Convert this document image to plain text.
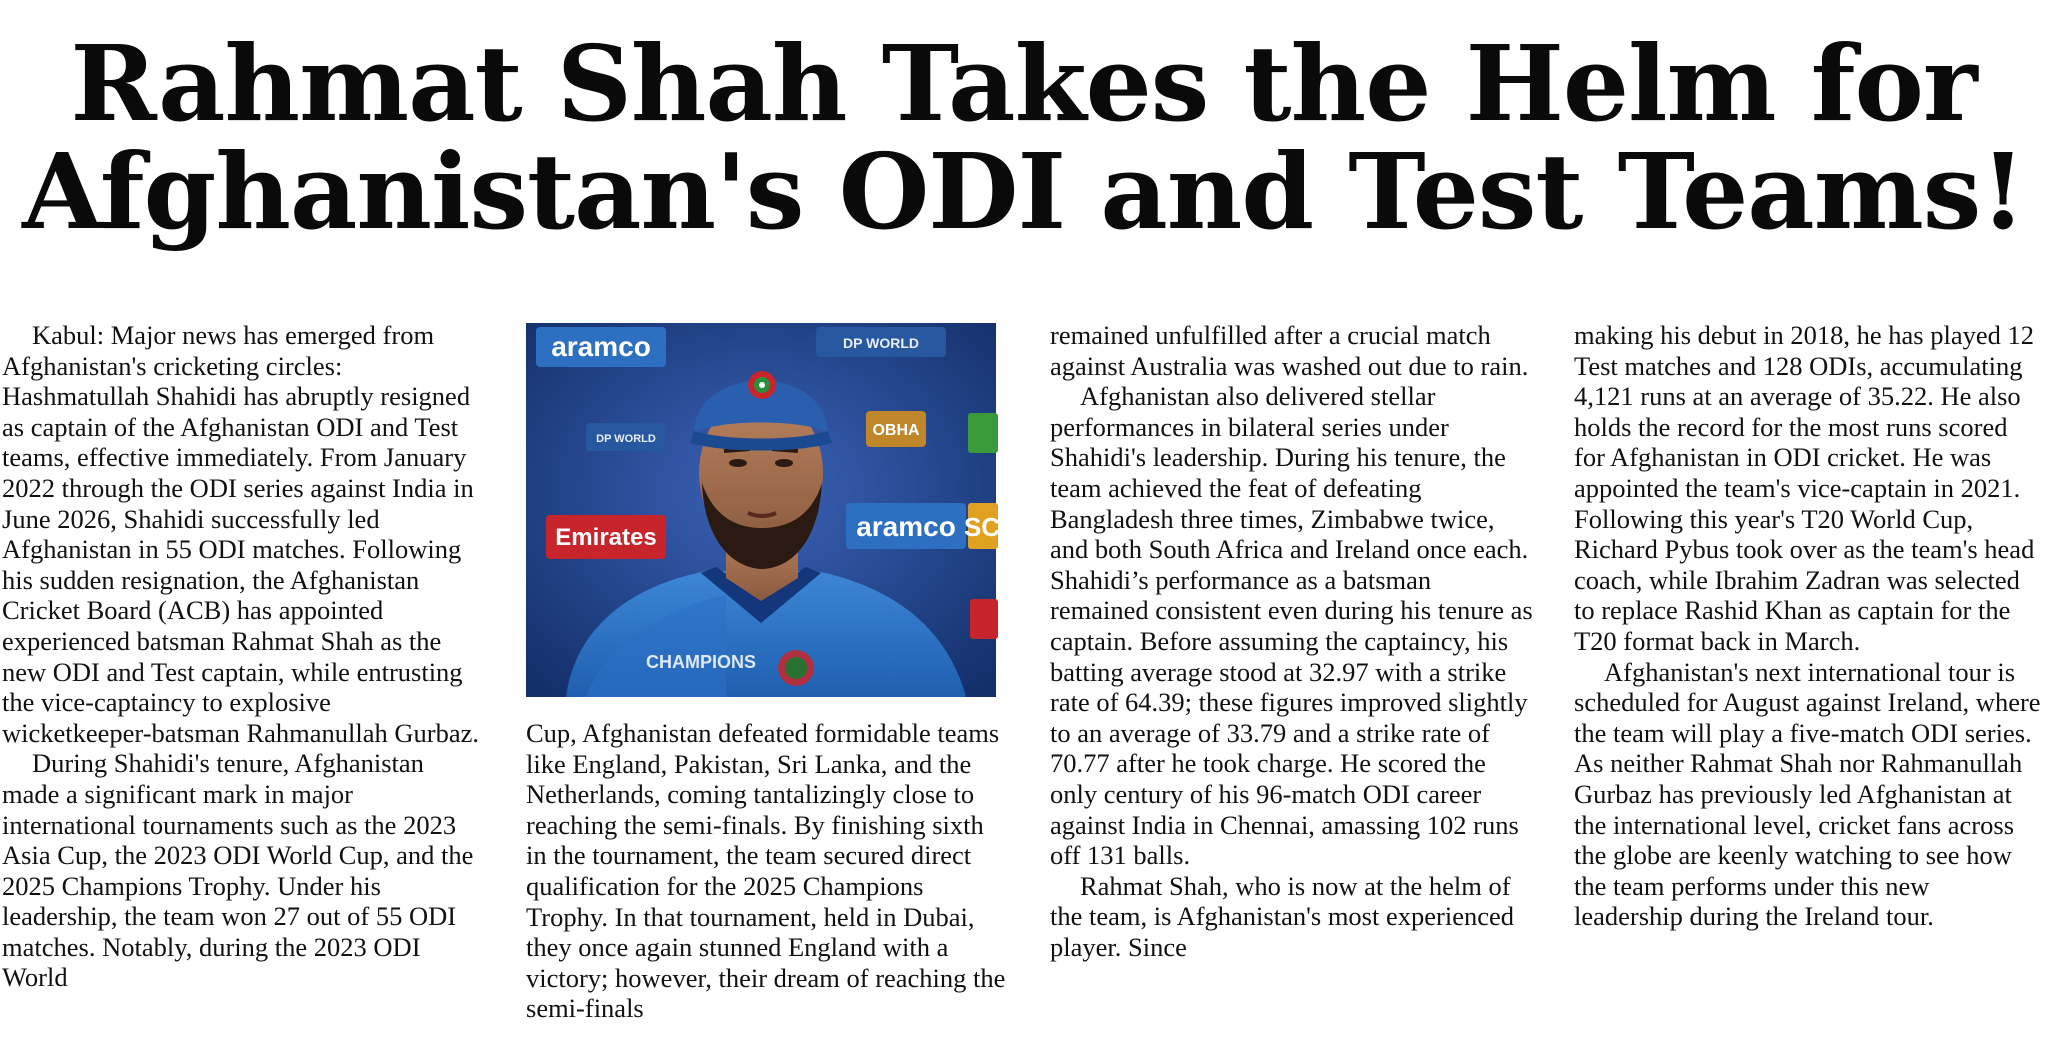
Rahmat Shah Takes the Helm for
Afghanistan's ODI and Test Teams!

Kabul: Major news has emerged from Afghanistan's cricketing circles: Hashmatullah Shahidi has abruptly resigned as captain of the Afghanistan ODI and Test teams, effective immediately. From January 2022 through the ODI series against India in June 2026, Shahidi successfully led Afghanistan in 55 ODI matches. Following his sudden resignation, the Afghanistan Cricket Board (ACB) has appointed experienced batsman Rahmat Shah as the new ODI and Test captain, while entrusting the vice-captaincy to explosive wicketkeeper-batsman Rahmanullah Gurbaz.

During Shahidi's tenure, Afghanistan made a significant mark in major international tournaments such as the 2023 Asia Cup, the 2023 ODI World Cup, and the 2025 Champions Trophy. Under his leadership, the team won 27 out of 55 ODI matches. Notably, during the 2023 ODI World

aramco	DP WORLD
DP WORLD
Emirates	aramco SC
OBHA
CHAMPIONS

Cup, Afghanistan defeated formidable teams like England, Pakistan, Sri Lanka, and the Netherlands, coming tantalizingly close to reaching the semi-finals. By finishing sixth in the tournament, the team secured direct qualification for the 2025 Champions Trophy. In that tournament, held in Dubai, they once again stunned England with a victory; however, their dream of reaching the semi-finals

remained unfulfilled after a crucial match against Australia was washed out due to rain.

Afghanistan also delivered stellar performances in bilateral series under Shahidi's leadership. During his tenure, the team achieved the feat of defeating Bangladesh three times, Zimbabwe twice, and both South Africa and Ireland once each. Shahidi’s performance as a batsman remained consistent even during his tenure as captain. Before assuming the captaincy, his batting average stood at 32.97 with a strike rate of 64.39; these figures improved slightly to an average of 33.79 and a strike rate of 70.77 after he took charge. He scored the only century of his 96-match ODI career against India in Chennai, amassing 102 runs off 131 balls.

Rahmat Shah, who is now at the helm of the team, is Afghanistan's most experienced player. Since

making his debut in 2018, he has played 12 Test matches and 128 ODIs, accumulating 4,121 runs at an average of 35.22. He also holds the record for the most runs scored for Afghanistan in ODI cricket. He was appointed the team's vice-captain in 2021. Following this year's T20 World Cup, Richard Pybus took over as the team's head coach, while Ibrahim Zadran was selected to replace Rashid Khan as captain for the T20 format back in March.

Afghanistan's next international tour is scheduled for August against Ireland, where the team will play a five-match ODI series. As neither Rahmat Shah nor Rahmanullah Gurbaz has previously led Afghanistan at the international level, cricket fans across the globe are keenly watching to see how the team performs under this new leadership during the Ireland tour.
